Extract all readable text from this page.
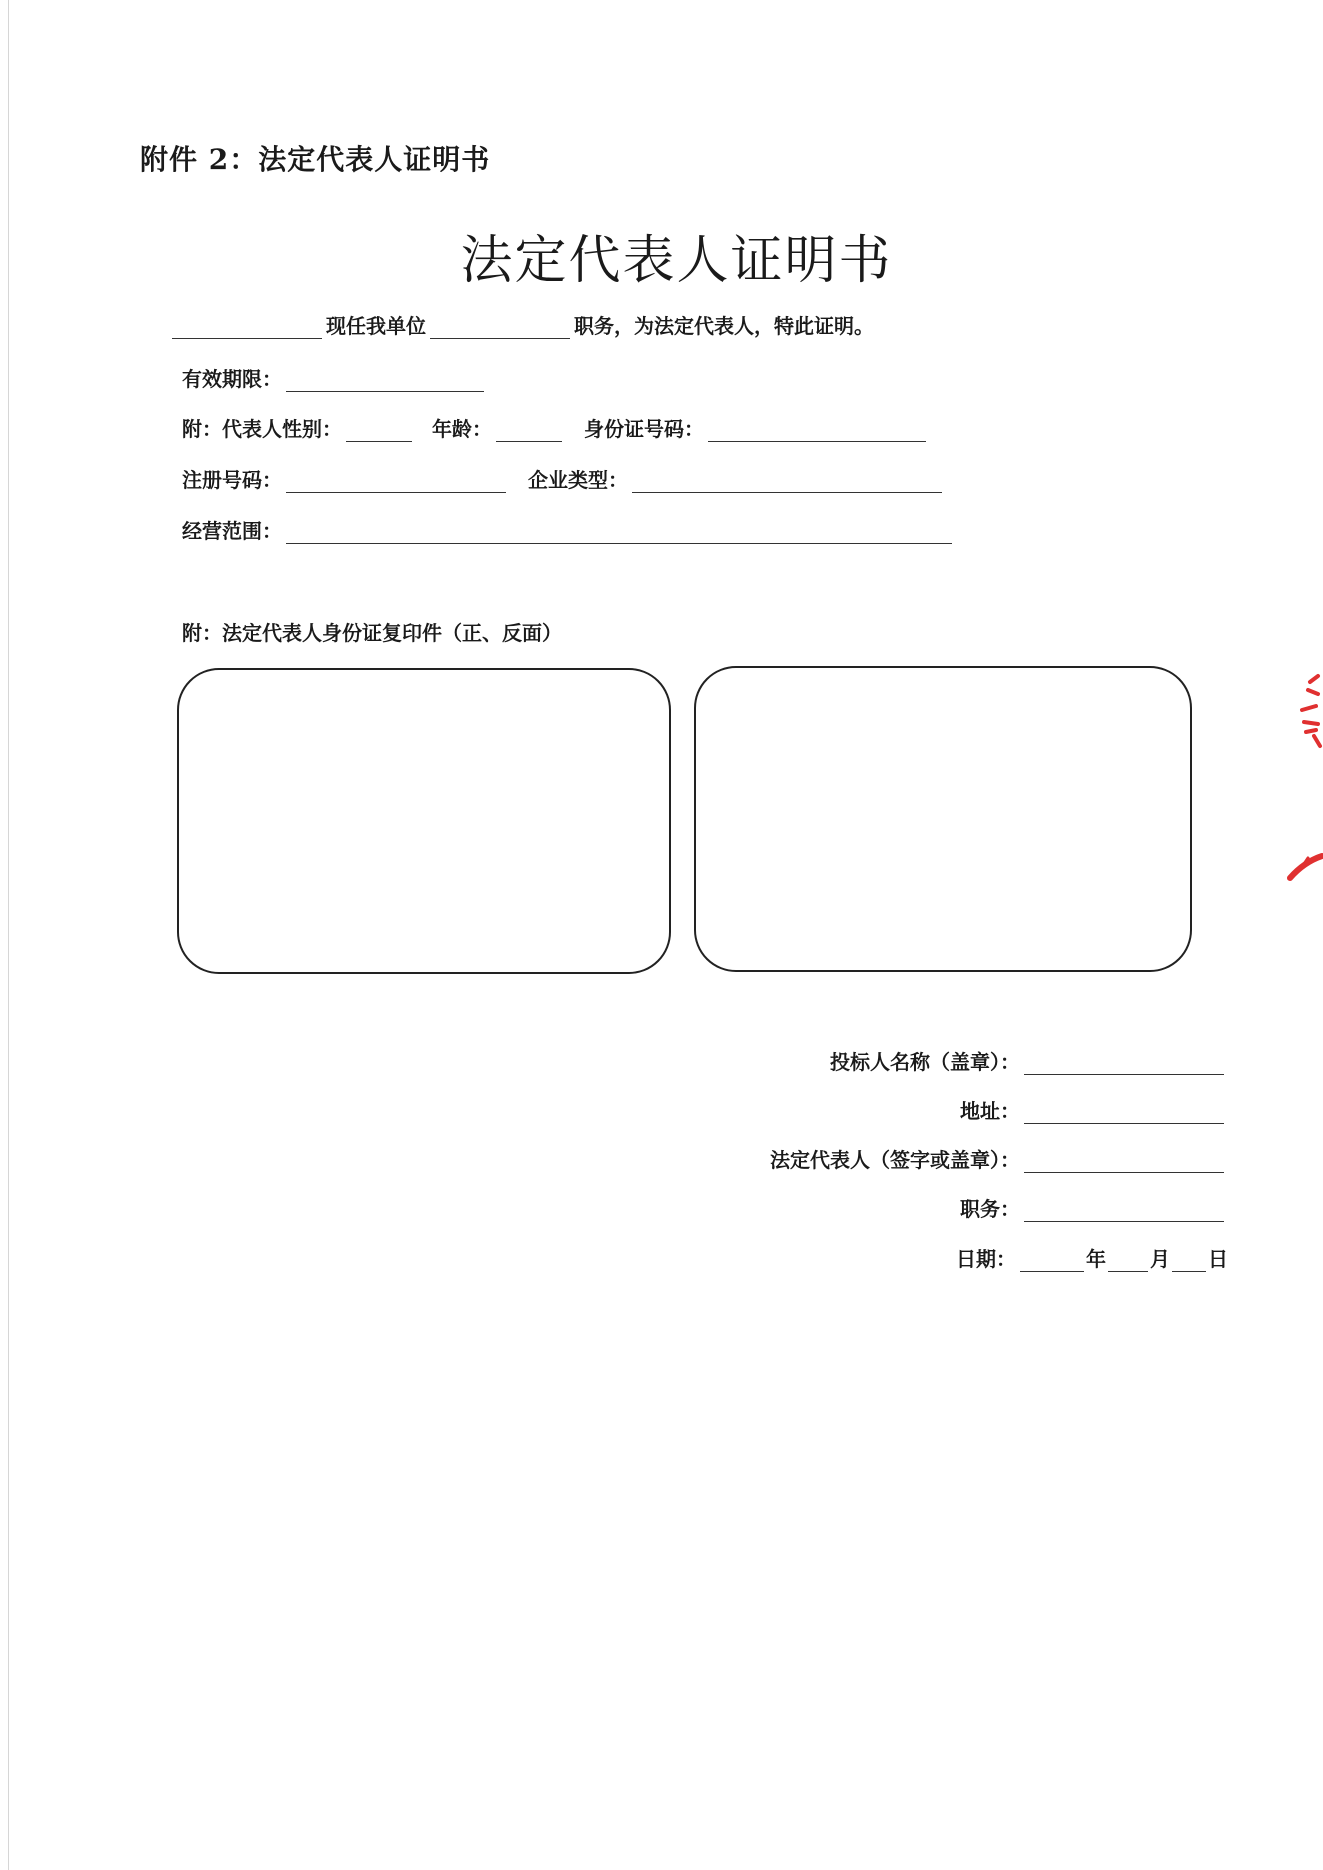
附件 2：法定代表人证明书
法定代表人证明书
现任我单位	职务，为法定代表人，特此证明。
有效期限：
附：代表人性别：	年龄：	身份证号码：
注册号码：	企业类型：
经营范围：
附：法定代表人身份证复印件（正、反面）
投标人名称（盖章）：
地址：
法定代表人（签字或盖章）：
职务：
日期：	年 月 日
